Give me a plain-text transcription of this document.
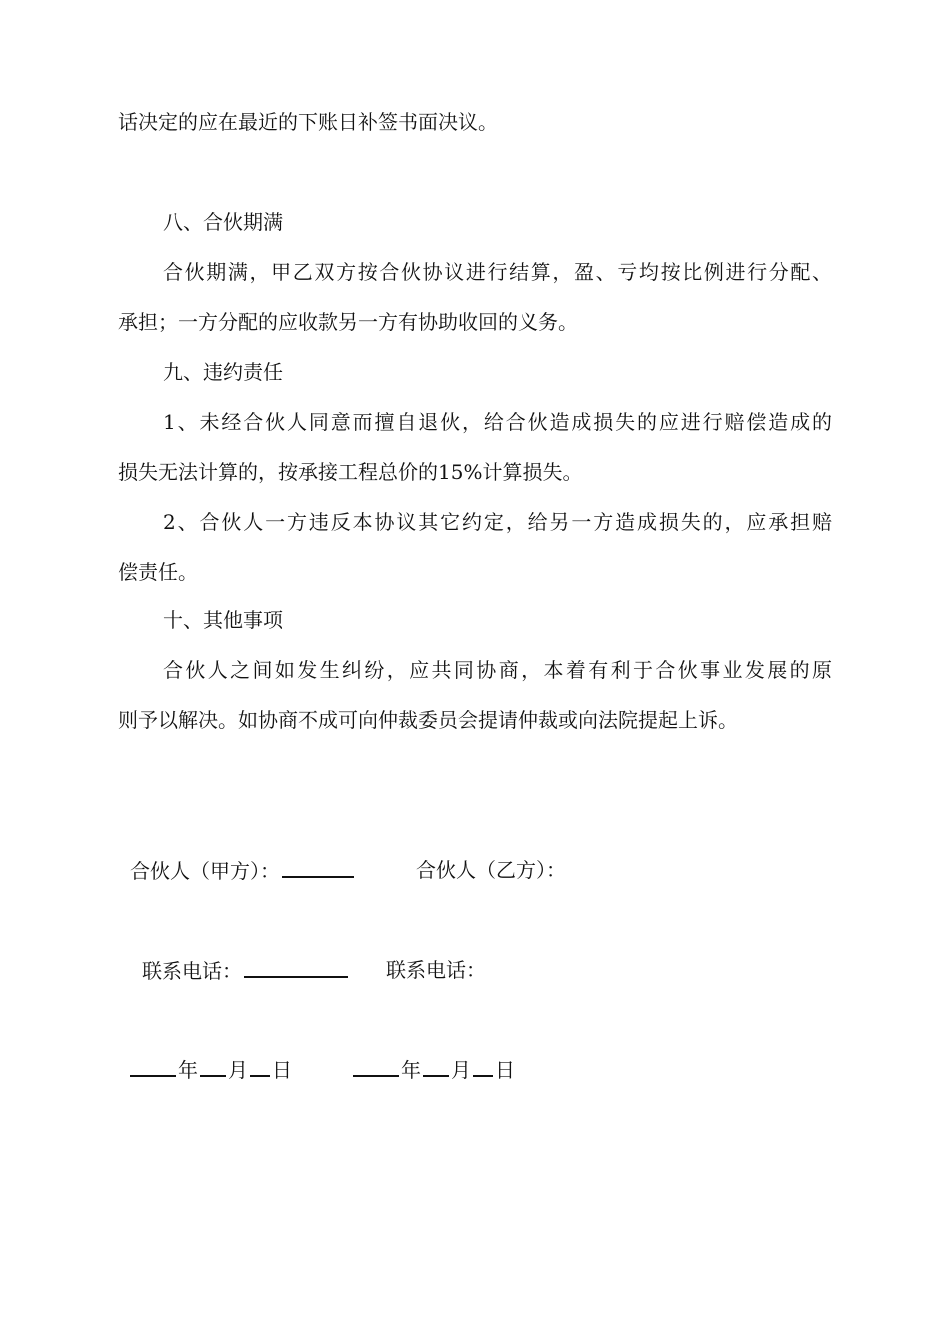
话决定的应在最近的下账日补签书面决议。
八、合伙期满
合伙期满，甲乙双方按合伙协议进行结算，盈、亏均按比例进行分配、
承担；一方分配的应收款另一方有协助收回的义务。
九、违约责任
1、未经合伙人同意而擅自退伙，给合伙造成损失的应进行赔偿造成的
损失无法计算的，按承接工程总价的15%计算损失。
2、合伙人一方违反本协议其它约定，给另一方造成损失的，应承担赔
偿责任。
十、其他事项
合伙人之间如发生纠纷，应共同协商，本着有利于合伙事业发展的原
则予以解决。如协商不成可向仲裁委员会提请仲裁或向法院提起上诉。
合伙人（甲方）：	合伙人（乙方）：
联系电话：	联系电话：
年 月 日	年 月 日
